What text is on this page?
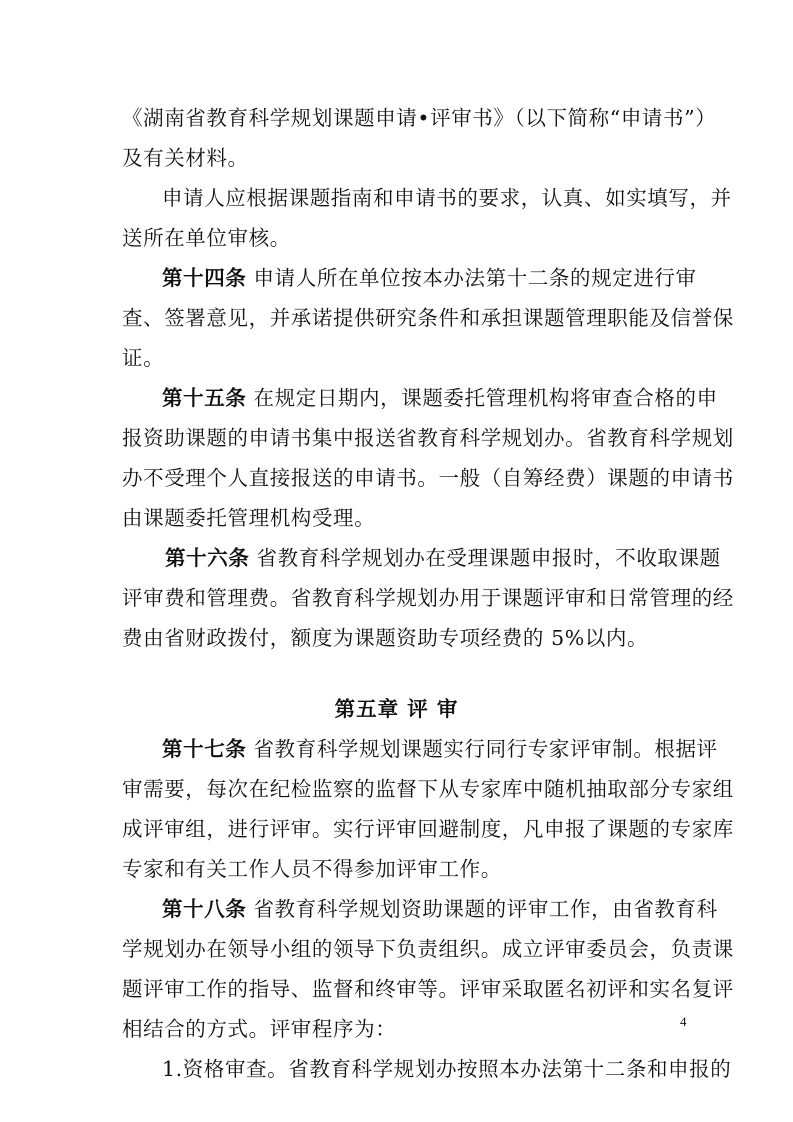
《湖南省教育科学规划课题申请•评审书》（以下简称“申请书”）
及有关材料。
申请人应根据课题指南和申请书的要求，认真、如实填写，并
送所在单位审核。
第十四条 申请人所在单位按本办法第十二条的规定进行审
查、签署意见，并承诺提供研究条件和承担课题管理职能及信誉保
证。
第十五条 在规定日期内，课题委托管理机构将审查合格的申
报资助课题的申请书集中报送省教育科学规划办。省教育科学规划
办不受理个人直接报送的申请书。一般（自筹经费）课题的申请书
由课题委托管理机构受理。
第十六条 省教育科学规划办在受理课题申报时，不收取课题
评审费和管理费。省教育科学规划办用于课题评审和日常管理的经
费由省财政拨付，额度为课题资助专项经费的 5%以内。
第五章 评 审
第十七条 省教育科学规划课题实行同行专家评审制。根据评
审需要，每次在纪检监察的监督下从专家库中随机抽取部分专家组
成评审组，进行评审。实行评审回避制度，凡申报了课题的专家库
专家和有关工作人员不得参加评审工作。
第十八条 省教育科学规划资助课题的评审工作，由省教育科
学规划办在领导小组的领导下负责组织。成立评审委员会，负责课
题评审工作的指导、监督和终审等。评审采取匿名初评和实名复评
相结合的方式。评审程序为：
1.资格审查。省教育科学规划办按照本办法第十二条和申报的
4
